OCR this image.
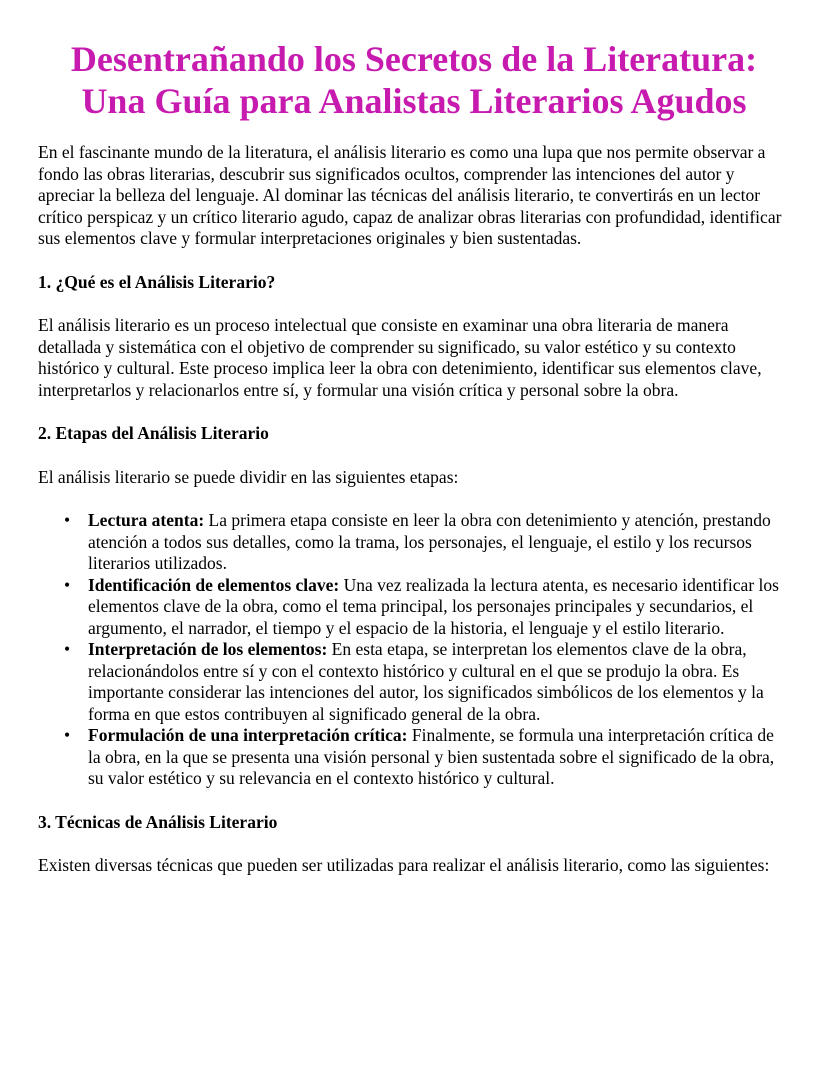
Desentrañando los Secretos de la Literatura:
Una Guía para Analistas Literarios Agudos

En el fascinante mundo de la literatura, el análisis literario es como una lupa que nos permite observar a fondo las obras literarias, descubrir sus significados ocultos, comprender las intenciones del autor y apreciar la belleza del lenguaje. Al dominar las técnicas del análisis literario, te convertirás en un lector crítico perspicaz y un crítico literario agudo, capaz de analizar obras literarias con profundidad, identificar sus elementos clave y formular interpretaciones originales y bien sustentadas.

1. ¿Qué es el Análisis Literario?

El análisis literario es un proceso intelectual que consiste en examinar una obra literaria de manera detallada y sistemática con el objetivo de comprender su significado, su valor estético y su contexto histórico y cultural. Este proceso implica leer la obra con detenimiento, identificar sus elementos clave, interpretarlos y relacionarlos entre sí, y formular una visión crítica y personal sobre la obra.

2. Etapas del Análisis Literario

El análisis literario se puede dividir en las siguientes etapas:

• Lectura atenta: La primera etapa consiste en leer la obra con detenimiento y atención, prestando atención a todos sus detalles, como la trama, los personajes, el lenguaje, el estilo y los recursos literarios utilizados.
• Identificación de elementos clave: Una vez realizada la lectura atenta, es necesario identificar los elementos clave de la obra, como el tema principal, los personajes principales y secundarios, el argumento, el narrador, el tiempo y el espacio de la historia, el lenguaje y el estilo literario.
• Interpretación de los elementos: En esta etapa, se interpretan los elementos clave de la obra, relacionándolos entre sí y con el contexto histórico y cultural en el que se produjo la obra. Es importante considerar las intenciones del autor, los significados simbólicos de los elementos y la forma en que estos contribuyen al significado general de la obra.
• Formulación de una interpretación crítica: Finalmente, se formula una interpretación crítica de la obra, en la que se presenta una visión personal y bien sustentada sobre el significado de la obra, su valor estético y su relevancia en el contexto histórico y cultural.
3. Técnicas de Análisis Literario

Existen diversas técnicas que pueden ser utilizadas para realizar el análisis literario, como las siguientes:
